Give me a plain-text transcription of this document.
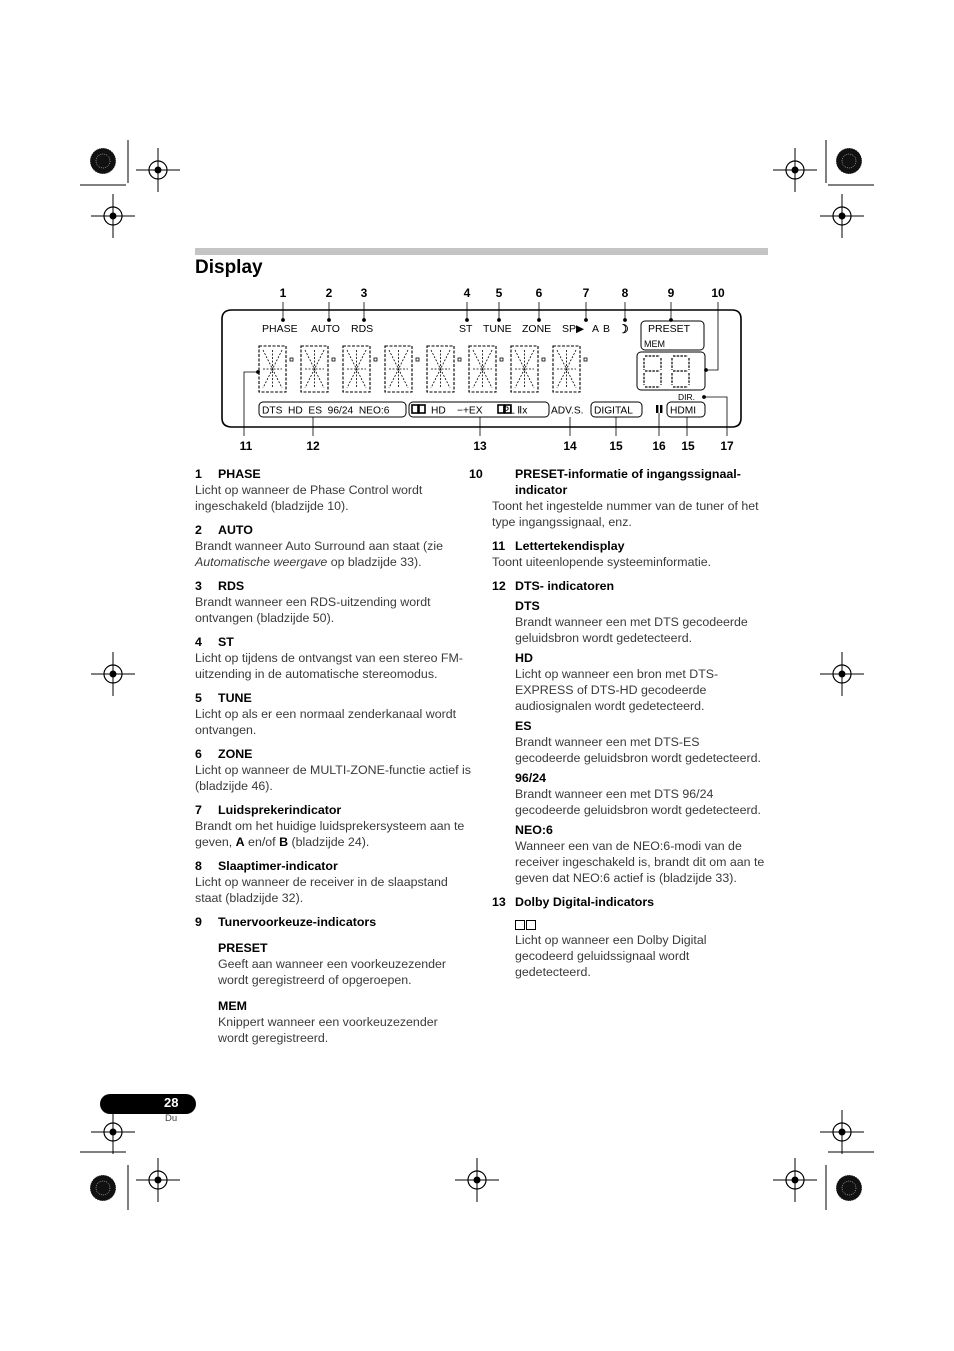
Display
1	2 3	4 5	6	7	8	9	10
PHASE AUTO RDS	ST TUNE ZONE SP▶ A B ☽ PRESET
MEM
DIR.
DTS  HD  ES  96/24  NEO:6	HD    −+EX       PL Ⅱx ADV.S. DIGITAL	HDMI
11	12	13	14	15 16 15 17
1 PHASE
Licht op wanneer de Phase Control wordt ingeschakeld (bladzijde 10).
2 AUTO
Brandt wanneer Auto Surround aan staat (zie Automatische weergave op bladzijde 33).
3 RDS
Brandt wanneer een RDS-uitzending wordt ontvangen (bladzijde 50).
4 ST
Licht op tijdens de ontvangst van een stereo FM-uitzending in de automatische stereomodus.
5 TUNE
Licht op als er een normaal zenderkanaal wordt ontvangen.
6 ZONE
Licht op wanneer de MULTI-ZONE-functie actief is (bladzijde 46).
7 Luidsprekerindicator
Brandt om het huidige luidsprekersysteem aan te geven, A en/of B (bladzijde 24).
8 Slaaptimer-indicator
Licht op wanneer de receiver in de slaapstand staat (bladzijde 32).
9 Tunervoorkeuze-indicators
PRESET
Geeft aan wanneer een voorkeuzezender wordt geregistreerd of opgeroepen.
MEM
Knippert wanneer een voorkeuzezender wordt geregistreerd.
10	PRESET-informatie of ingangssignaal-indicator
Toont het ingestelde nummer van de tuner of het type ingangssignaal, enz.
11 Lettertekendisplay
Toont uiteenlopende systeeminformatie.
12 DTS- indicatoren
DTS
Brandt wanneer een met DTS gecodeerde geluidsbron wordt gedetecteerd.
HD
Licht op wanneer een bron met DTS-EXPRESS of DTS-HD gecodeerde audiosignalen wordt gedetecteerd.
ES
Brandt wanneer een met DTS-ES gecodeerde geluidsbron wordt gedetecteerd.
96/24
Brandt wanneer een met DTS 96/24 gecodeerde geluidsbron wordt gedetecteerd.
NEO:6
Wanneer een van de NEO:6-modi van de receiver ingeschakeld is, brandt dit om aan te geven dat NEO:6 actief is (bladzijde 33).
13 Dolby Digital-indicators
Licht op wanneer een Dolby Digital gecodeerd geluidssignaal wordt gedetecteerd.
28
Du
